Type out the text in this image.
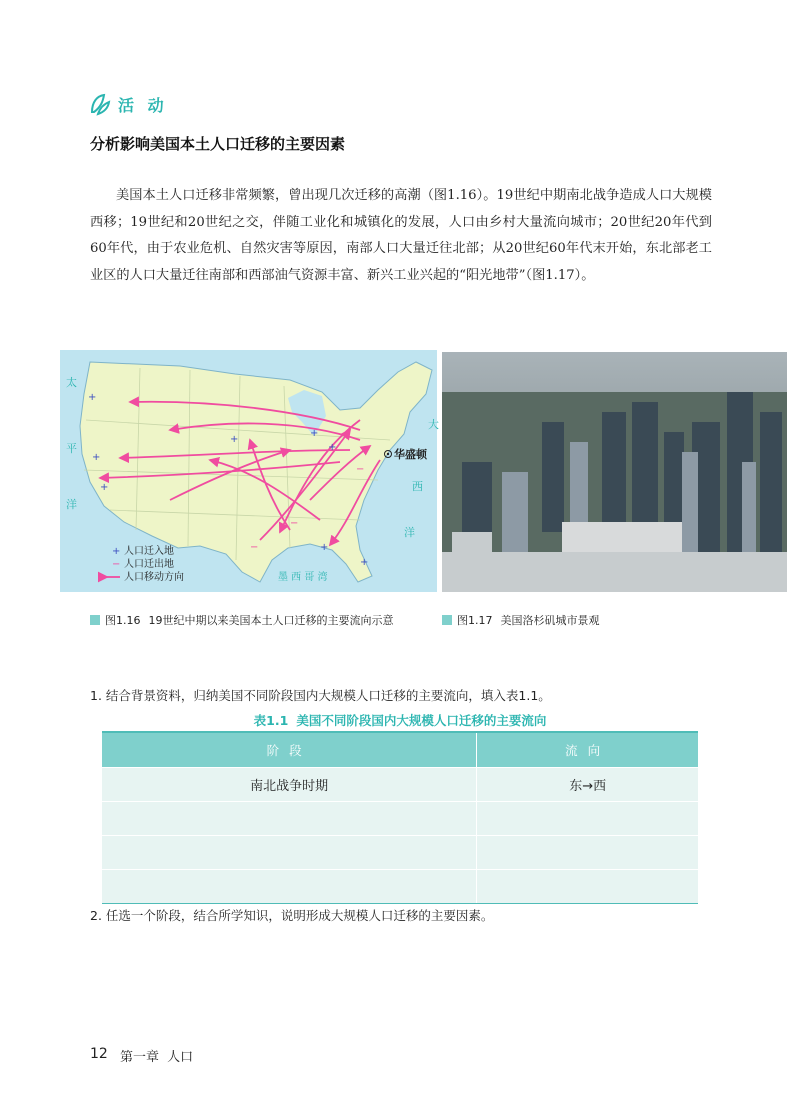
活 动
分析影响美国本土人口迁移的主要因素

美国本土人口迁移非常频繁，曾出现几次迁移的高潮（图1.16）。19世纪中期南北战争造成人口大规模西移；19世纪和20世纪之交，伴随工业化和城镇化的发展，人口由乡村大量流向城市；20世纪20年代到60年代，由于农业危机、自然灾害等原因，南部人口大量迁往北部；从20世纪60年代末开始，东北部老工业区的人口大量迁往南部和西部油气资源丰富、新兴工业兴起的“阳光地带”（图1.17）。

+
+
+
+
+
+
+
+
−
−
−
华盛顿
太
平
洋
大
西
洋
墨 西 哥 湾
+ 人口迁入地
− 人口迁出地
人口移动方向
图1.16 19世纪中期以来美国本土人口迁移的主要流向示意	图1.17 美国洛杉矶城市景观
1. 结合背景资料，归纳美国不同阶段国内大规模人口迁移的主要流向，填入表1.1。
表1.1 美国不同阶段国内大规模人口迁移的主要流向
阶段	流向
南北战争时期	东→西

2. 任选一个阶段，结合所学知识，说明形成大规模人口迁移的主要因素。
12 第一章 人口
